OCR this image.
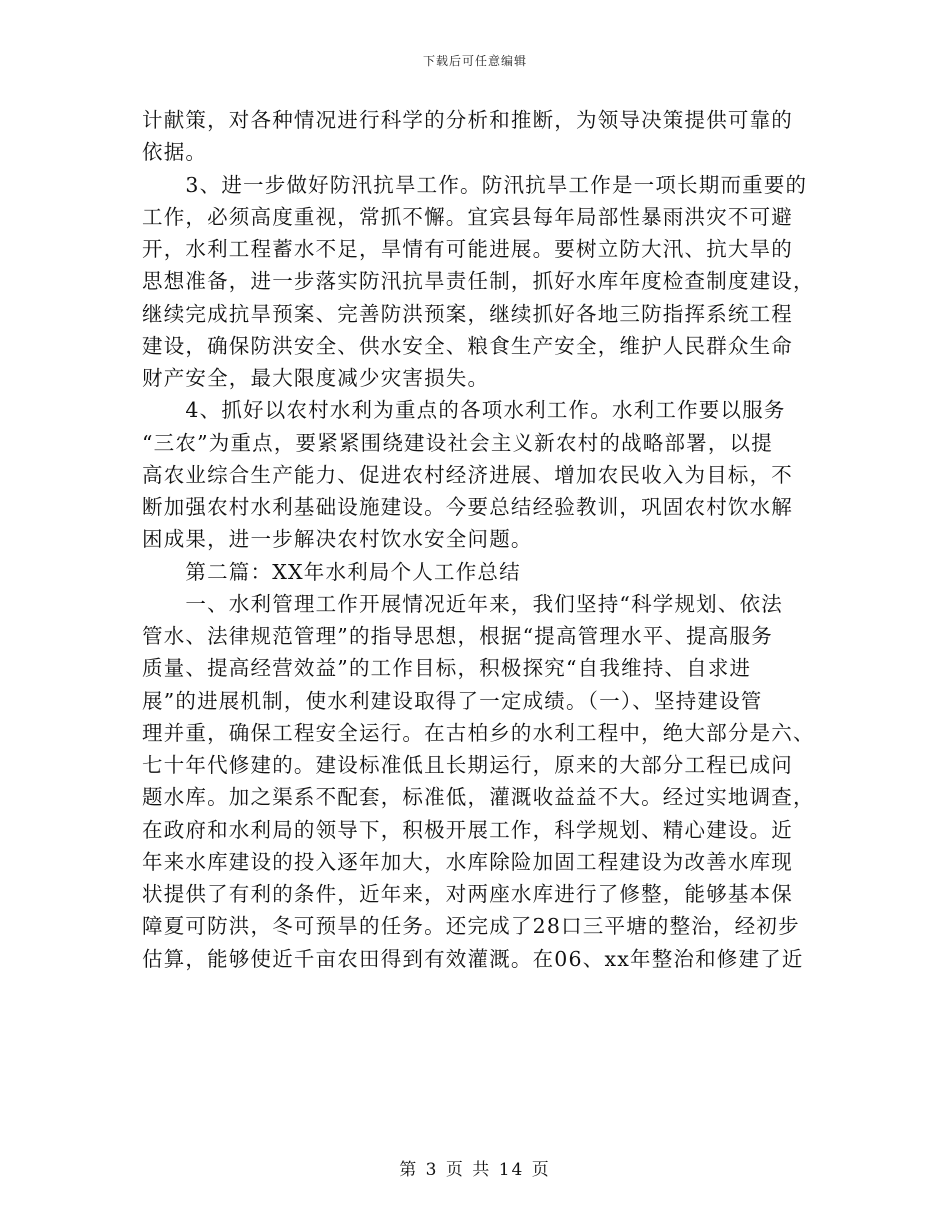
下载后可任意编辑
计献策，对各种情况进行科学的分析和推断，为领导决策提供可靠的
依据。
　　3、进一步做好防汛抗旱工作。防汛抗旱工作是一项长期而重要的
工作，必须高度重视，常抓不懈。宜宾县每年局部性暴雨洪灾不可避
开，水利工程蓄水不足，旱情有可能进展。要树立防大汛、抗大旱的
思想准备，进一步落实防汛抗旱责任制，抓好水库年度检查制度建设，
继续完成抗旱预案、完善防洪预案，继续抓好各地三防指挥系统工程
建设，确保防洪安全、供水安全、粮食生产安全，维护人民群众生命
财产安全，最大限度减少灾害损失。
　　4、抓好以农村水利为重点的各项水利工作。水利工作要以服务
“三农”为重点，要紧紧围绕建设社会主义新农村的战略部署，以提
高农业综合生产能力、促进农村经济进展、增加农民收入为目标，不
断加强农村水利基础设施建设。今要总结经验教训，巩固农村饮水解
困成果，进一步解决农村饮水安全问题。
　　第二篇：XX年水利局个人工作总结
　　一、水利管理工作开展情况近年来，我们坚持“科学规划、依法
管水、法律规范管理”的指导思想，根据“提高管理水平、提高服务
质量、提高经营效益”的工作目标，积极探究“自我维持、自求进
展”的进展机制，使水利建设取得了一定成绩。（一）、坚持建设管
理并重，确保工程安全运行。在古柏乡的水利工程中，绝大部分是六、
七十年代修建的。建设标准低且长期运行，原来的大部分工程已成问
题水库。加之渠系不配套，标准低，灌溉收益益不大。经过实地调查，
在政府和水利局的领导下，积极开展工作，科学规划、精心建设。近
年来水库建设的投入逐年加大，水库除险加固工程建设为改善水库现
状提供了有利的条件，近年来，对两座水库进行了修整，能够基本保
障夏可防洪，冬可预旱的任务。还完成了28口三平塘的整治，经初步
估算，能够使近千亩农田得到有效灌溉。在06、xx年整治和修建了近
第 3 页 共 14 页
